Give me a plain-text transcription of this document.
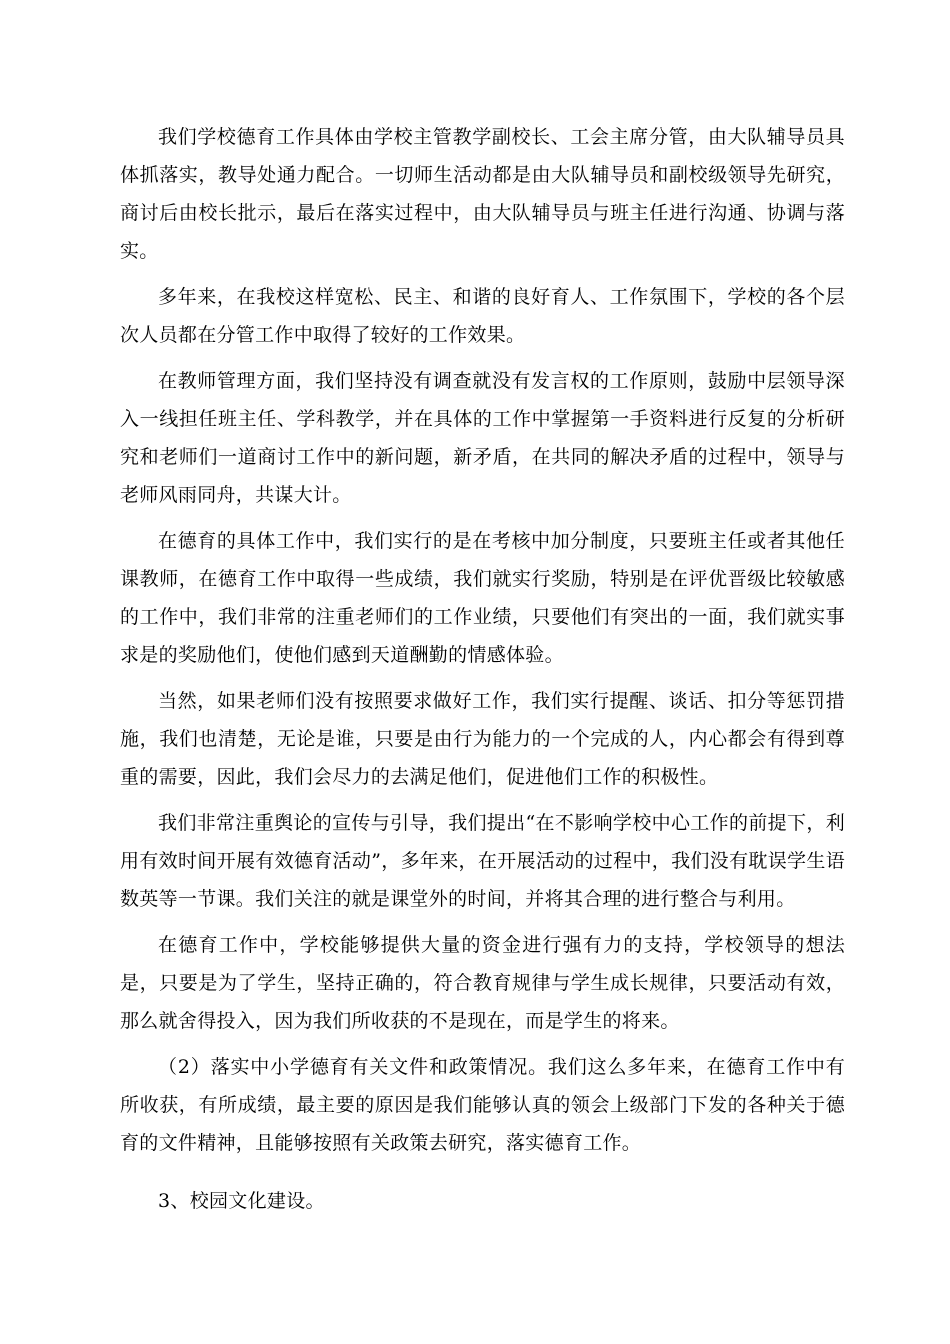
我们学校德育工作具体由学校主管教学副校长、工会主席分管，由大队辅导员具体抓落实，教导处通力配合。一切师生活动都是由大队辅导员和副校级领导先研究，商讨后由校长批示，最后在落实过程中，由大队辅导员与班主任进行沟通、协调与落实。

多年来，在我校这样宽松、民主、和谐的良好育人、工作氛围下，学校的各个层次人员都在分管工作中取得了较好的工作效果。

在教师管理方面，我们坚持没有调查就没有发言权的工作原则，鼓励中层领导深入一线担任班主任、学科教学，并在具体的工作中掌握第一手资料进行反复的分析研究和老师们一道商讨工作中的新问题，新矛盾，在共同的解决矛盾的过程中，领导与老师风雨同舟，共谋大计。

在德育的具体工作中，我们实行的是在考核中加分制度，只要班主任或者其他任课教师，在德育工作中取得一些成绩，我们就实行奖励，特别是在评优晋级比较敏感的工作中，我们非常的注重老师们的工作业绩，只要他们有突出的一面，我们就实事求是的奖励他们，使他们感到天道酬勤的情感体验。

当然，如果老师们没有按照要求做好工作，我们实行提醒、谈话、扣分等惩罚措施，我们也清楚，无论是谁，只要是由行为能力的一个完成的人，内心都会有得到尊重的需要，因此，我们会尽力的去满足他们，促进他们工作的积极性。

我们非常注重舆论的宣传与引导，我们提出“在不影响学校中心工作的前提下，利用有效时间开展有效德育活动”，多年来，在开展活动的过程中，我们没有耽误学生语数英等一节课。我们关注的就是课堂外的时间，并将其合理的进行整合与利用。

在德育工作中，学校能够提供大量的资金进行强有力的支持，学校领导的想法是，只要是为了学生，坚持正确的，符合教育规律与学生成长规律，只要活动有效，那么就舍得投入，因为我们所收获的不是现在，而是学生的将来。

（2）落实中小学德育有关文件和政策情况。我们这么多年来，在德育工作中有所收获，有所成绩，最主要的原因是我们能够认真的领会上级部门下发的各种关于德育的文件精神，且能够按照有关政策去研究，落实德育工作。

3、校园文化建设。
